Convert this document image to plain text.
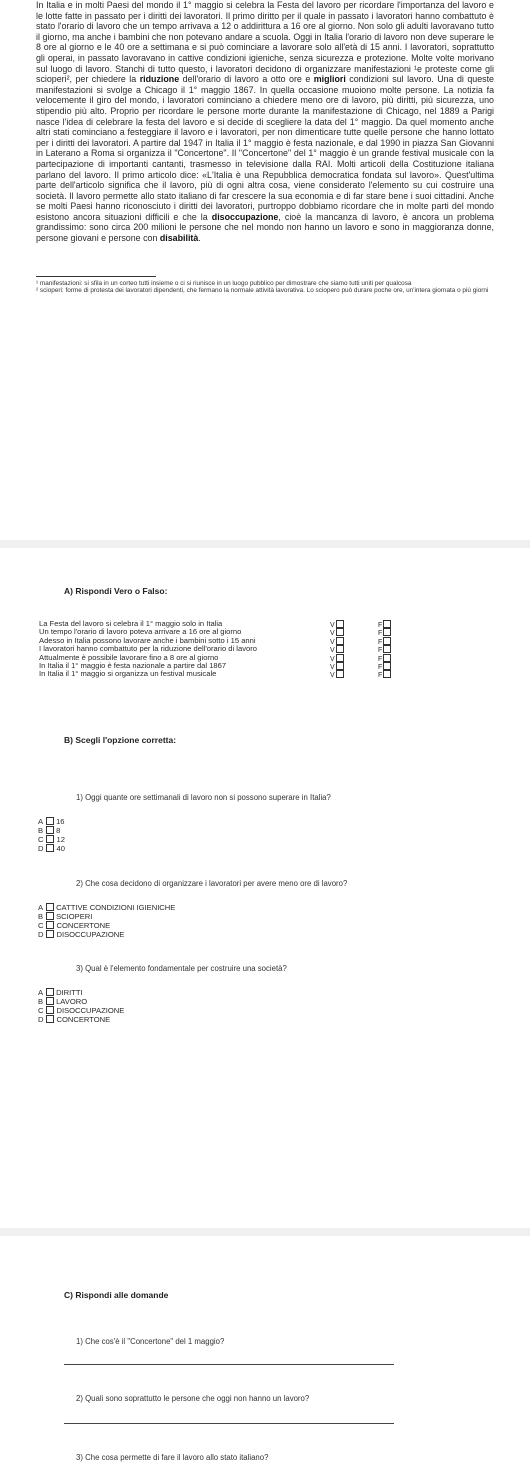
In Italia e in molti Paesi del mondo il 1° maggio si celebra la Festa del lavoro per ricordare l'importanza del lavoro e le lotte fatte in passato per i diritti dei lavoratori. Il primo diritto per il quale in passato i lavoratori hanno combattuto è stato l'orario di lavoro che un tempo arrivava a 12 o addirittura a 16 ore al giorno. Non solo gli adulti lavoravano tutto il giorno, ma anche i bambini che non potevano andare a scuola. Oggi in Italia l'orario di lavoro non deve superare le 8 ore al giorno e le 40 ore a settimana e si può cominciare a lavorare solo all'età di 15 anni. I lavoratori, soprattutto gli operai, in passato lavoravano in cattive condizioni igieniche, senza sicurezza e protezione. Molte volte morivano sul luogo di lavoro. Stanchi di tutto questo, i lavoratori decidono di organizzare manifestazioni ¹e proteste come gli scioperi², per chiedere la riduzione dell'orario di lavoro a otto ore e migliori condizioni sul lavoro. Una di queste manifestazioni si svolge a Chicago il 1° maggio 1867. In quella occasione muoiono molte persone. La notizia fa velocemente il giro del mondo, i lavoratori cominciano a chiedere meno ore di lavoro, più diritti, più sicurezza, uno stipendio più alto. Proprio per ricordare le persone morte durante la manifestazione di Chicago, nel 1889 a Parigi nasce l'idea di celebrare la festa del lavoro e si decide di scegliere la data del 1° maggio. Da quel momento anche altri stati cominciano a festeggiare il lavoro e i lavoratori, per non dimenticare tutte quelle persone che hanno lottato per i diritti dei lavoratori. A partire dal 1947 in Italia il 1° maggio è festa nazionale, e dal 1990 in piazza San Giovanni in Laterano a Roma si organizza il "Concertone". Il "Concertone" del 1° maggio è un grande festival musicale con la partecipazione di importanti cantanti, trasmesso in televisione dalla RAI. Molti articoli della Costituzione italiana parlano del lavoro. Il primo articolo dice: «L'Italia è una Repubblica democratica fondata sul lavoro». Quest'ultima parte dell'articolo significa che il lavoro, più di ogni altra cosa, viene considerato l'elemento su cui costruire una società. Il lavoro permette allo stato italiano di far crescere la sua economia e di far stare bene i suoi cittadini. Anche se molti Paesi hanno riconosciuto i diritti dei lavoratori, purtroppo dobbiamo ricordare che in molte parti del mondo esistono ancora situazioni difficili e che la disoccupazione, cioè la mancanza di lavoro, è ancora un problema grandissimo: sono circa 200 milioni le persone che nel mondo non hanno un lavoro e sono in maggioranza donne, persone giovani e persone con disabilità.

¹ manifestazioni: si sfila in un corteo tutti insieme o ci si riunisce in un luogo pubblico per dimostrare che siamo tutti uniti per qualcosa

² scioperi: forme di protesta dei lavoratori dipendenti, che fermano la normale attività lavorativa. Lo sciopero può durare poche ore, un'intera giornata o più giorni

A) Rispondi Vero o Falso:
La Festa del lavoro si celebra il 1° maggio solo in Italia	V	F
Un tempo l'orario di lavoro poteva arrivare a 16 ore al giorno	V	F
Adesso in Italia possono lavorare anche i bambini sotto i 15 anni	V	F
I lavoratori hanno combattuto per la riduzione dell'orario di lavoro	V	F
Attualmente è possibile lavorare fino a 8 ore al giorno	V	F
In Italia il 1° maggio è festa nazionale a partire dal 1867	V	F
In Italia il 1° maggio si organizza un festival musicale	V	F
B) Scegli l'opzione corretta:
1) Oggi quante ore settimanali di lavoro non si possono superare in Italia?
A 16
B 8
C 12
D 40
2) Che cosa decidono di organizzare i lavoratori per avere meno ore di lavoro?
A CATTIVE CONDIZIONI IGIENICHE
B SCIOPERI
C CONCERTONE
D DISOCCUPAZIONE
3) Qual è l'elemento fondamentale per costruire una società?
A DIRITTI
B LAVORO
C DISOCCUPAZIONE
D CONCERTONE
C) Rispondi alle domande
1) Che cos'è il "Concertone" del 1 maggio?
2) Quali sono soprattutto le persone che oggi non hanno un lavoro?
3) Che cosa permette di fare il lavoro allo stato italiano?
